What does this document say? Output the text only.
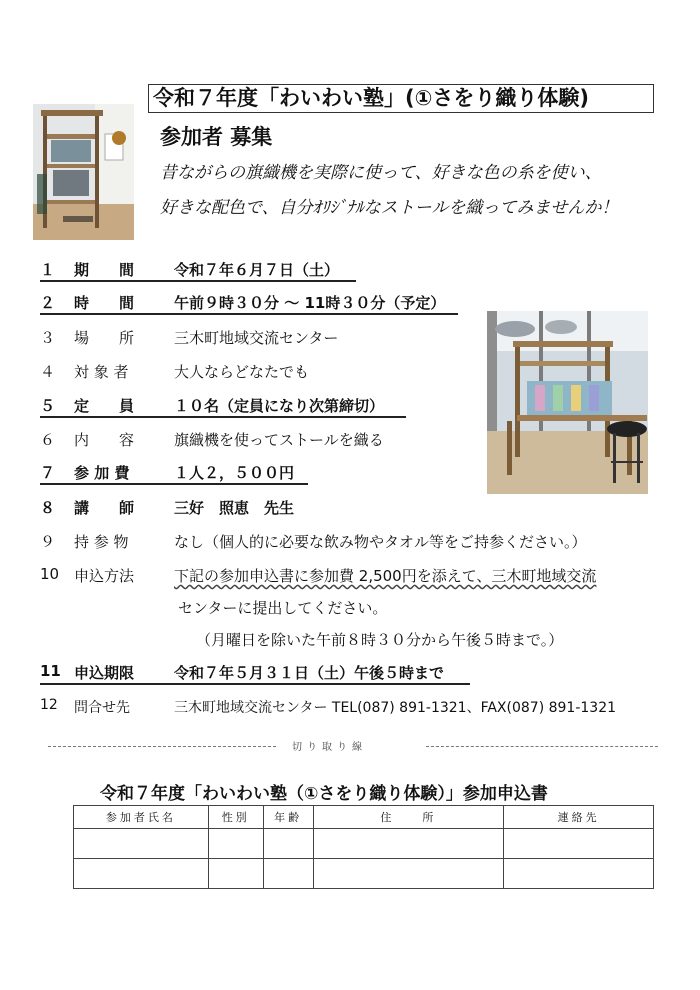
令和７年度「わいわい塾」(①さをり織り体験)
参加者 募集
昔ながらの旗織機を実際に使って、好きな色の糸を使い、
好きな配色で、自分ｵﾘｼﾞﾅﾙなストールを織ってみませんか！
１	期　　間	令和７年６月７日（土）
２	時　　間	午前９時３０分 ～ 11時３０分（予定）
３	場　　所	三木町地域交流センター
４	対 象 者	大人ならどなたでも
５	定　　員	１０名（定員になり次第締切）
６	内　　容	旗織機を使ってストールを織る
７	参 加 費	１人２，５００円
８	講　　師	三好　照恵　先生
９	持 参 物	なし（個人的に必要な飲み物やタオル等をご持参ください。）
10 申込方法	下記の参加申込書に参加費 2,500円を添えて、三木町地域交流
センターに提出してください。
（月曜日を除いた午前８時３０分から午後５時まで。）
11 申込期限	令和７年５月３１日（土）午後５時まで
12	問合せ先	三木町地域交流センター TEL(087) 891-1321、FAX(087) 891-1321
切り取り線
令和７年度「わいわい塾（①さをり織り体験）」参加申込書
参加者氏名	性別	年齢	住　　所	連絡先
